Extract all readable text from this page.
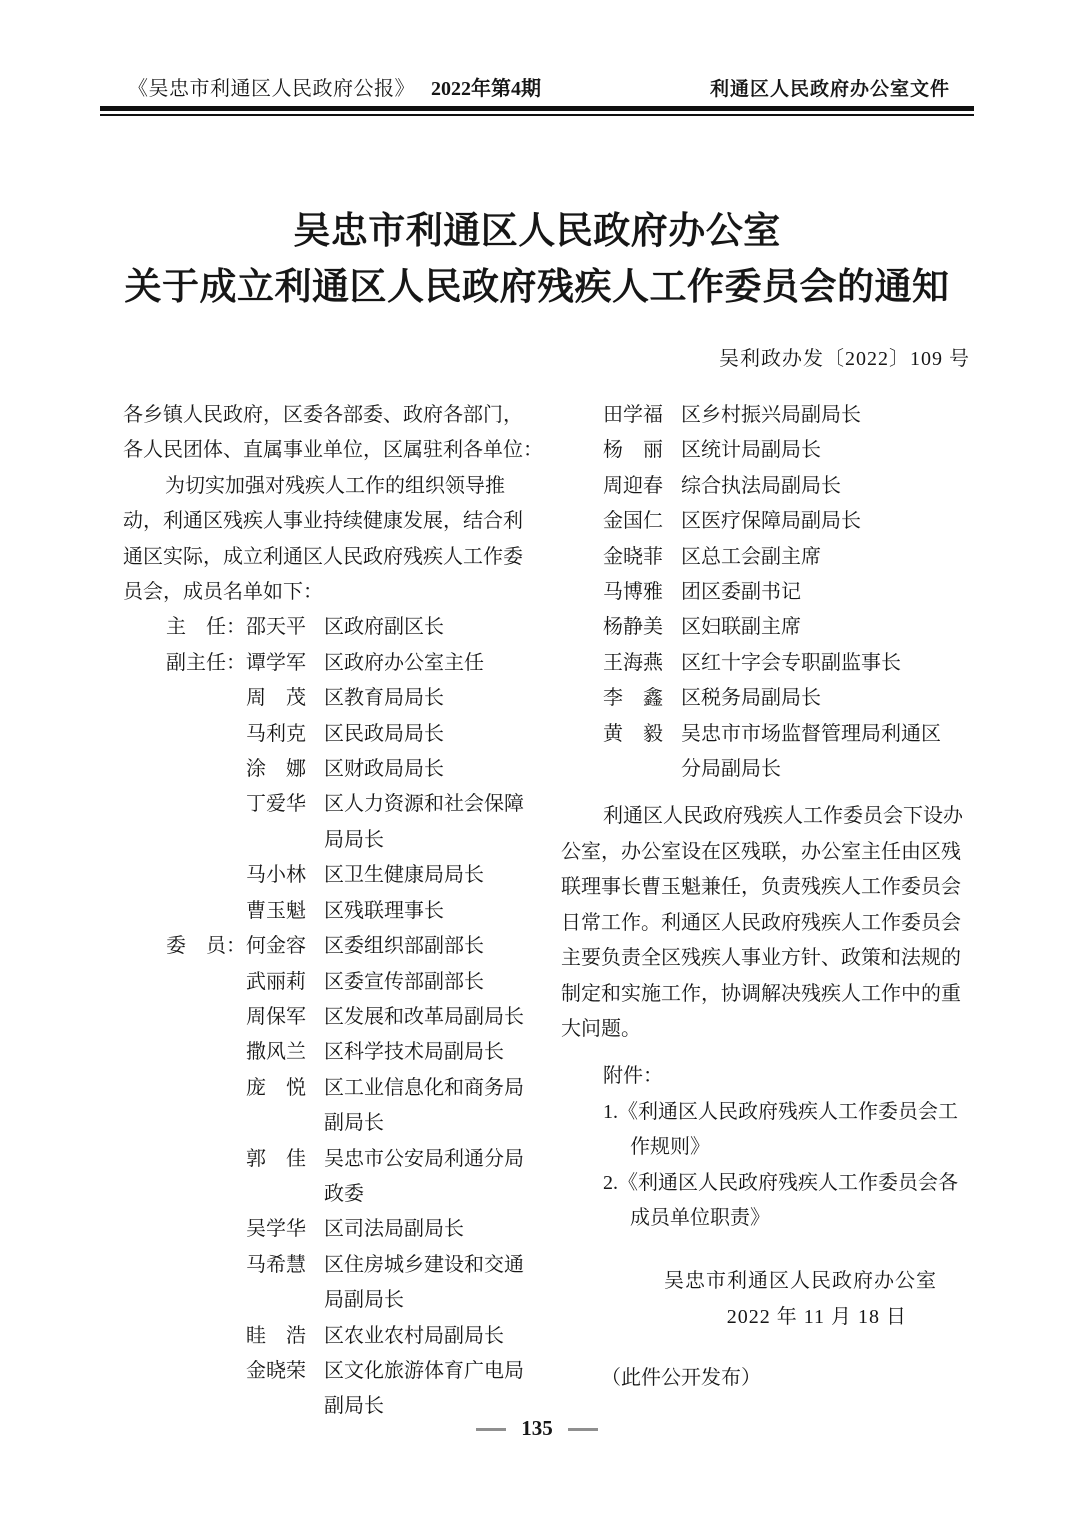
《吴忠市利通区人民政府公报》 2022年第4期	利通区人民政府办公室文件
吴忠市利通区人民政府办公室
关于成立利通区人民政府残疾人工作委员会的通知
吴利政办发〔2022〕109 号
各乡镇人民政府，区委各部委、政府各部门，
各人民团体、直属事业单位，区属驻利各单位：
为切实加强对残疾人工作的组织领导推
动，利通区残疾人事业持续健康发展，结合利
通区实际，成立利通区人民政府残疾人工作委
员会，成员名单如下：
主　任： 邵天平 区政府副区长
副主任： 谭学军 区政府办公室主任
周　茂 区教育局局长
马利克 区民政局局长
涂　娜 区财政局局长
丁爱华 区人力资源和社会保障
局局长
马小林 区卫生健康局局长
曹玉魁 区残联理事长
委　员： 何金容 区委组织部副部长
武丽莉 区委宣传部副部长
周保军 区发展和改革局副局长
撒风兰 区科学技术局副局长
庞　悦 区工业信息化和商务局
副局长
郭　佳 吴忠市公安局利通分局
政委
吴学华 区司法局副局长
马希慧 区住房城乡建设和交通
局副局长
眭　浩 区农业农村局副局长
金晓荣 区文化旅游体育广电局
副局长
田学福 区乡村振兴局副局长
杨　丽 区统计局副局长
周迎春 综合执法局副局长
金国仁 区医疗保障局副局长
金晓菲 区总工会副主席
马博雅 团区委副书记
杨静美 区妇联副主席
王海燕 区红十字会专职副监事长
李　鑫 区税务局副局长
黄　毅 吴忠市市场监督管理局利通区
分局副局长
利通区人民政府残疾人工作委员会下设办
公室，办公室设在区残联，办公室主任由区残
联理事长曹玉魁兼任，负责残疾人工作委员会
日常工作。利通区人民政府残疾人工作委员会
主要负责全区残疾人事业方针、政策和法规的
制定和实施工作，协调解决残疾人工作中的重
大问题。
附件：
1.《利通区人民政府残疾人工作委员会工
作规则》
2.《利通区人民政府残疾人工作委员会各
成员单位职责》
吴忠市利通区人民政府办公室
2022 年 11 月 18 日
（此件公开发布）
135
